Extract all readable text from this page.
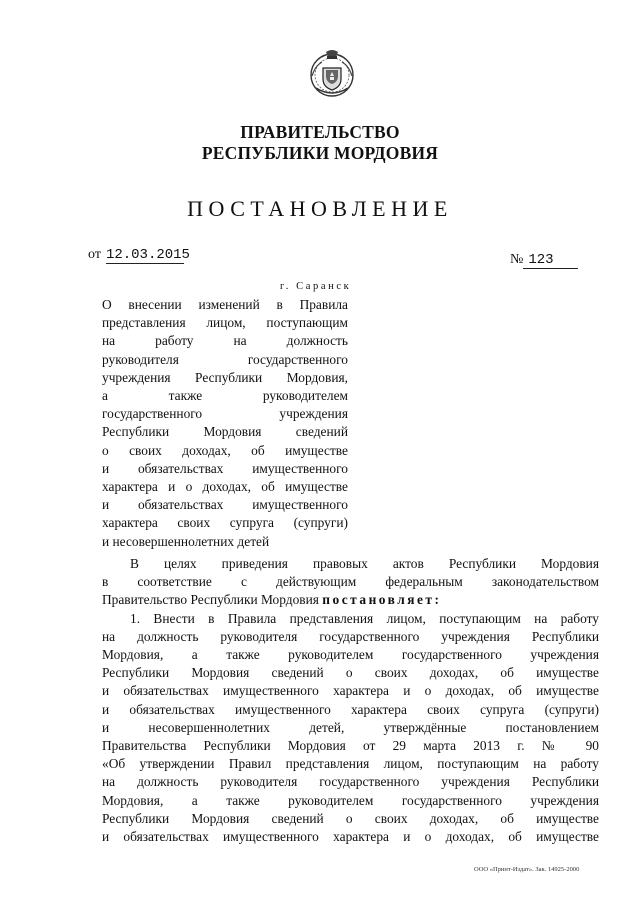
ПРАВИТЕЛЬСТВО
РЕСПУБЛИКИ МОРДОВИЯ
ПОСТАНОВЛЕНИЕ
от 12.03.2015	№ 123
г. Саранск
О внесении изменений в Правила
представления лицом, поступающим
на работу на должность
руководителя государственного
учреждения Республики Мордовия,
а также руководителем
государственного учреждения
Республики Мордовия сведений
о своих доходах, об имуществе
и обязательствах имущественного
характера и о доходах, об имуществе
и обязательствах имущественного
характера своих супруга (супруги)
и несовершеннолетних детей
В целях приведения правовых актов Республики Мордовия
в соответствие с действующим федеральным законодательством
Правительство Республики Мордовия постановляет:
1. Внести в Правила представления лицом, поступающим на работу
на должность руководителя государственного учреждения Республики
Мордовия, а также руководителем государственного учреждения
Республики Мордовия сведений о своих доходах, об имуществе
и обязательствах имущественного характера и о доходах, об имуществе
и обязательствах имущественного характера своих супруга (супруги)
и несовершеннолетних детей, утверждённые постановлением
Правительства Республики Мордовия от 29 марта 2013 г. № 90
«Об утверждении Правил представления лицом, поступающим на работу
на должность руководителя государственного учреждения Республики
Мордовия, а также руководителем государственного учреждения
Республики Мордовия сведений о своих доходах, об имуществе
и обязательствах имущественного характера и о доходах, об имуществе
ООО «Принт-Издат». Зак. 14925-2000
